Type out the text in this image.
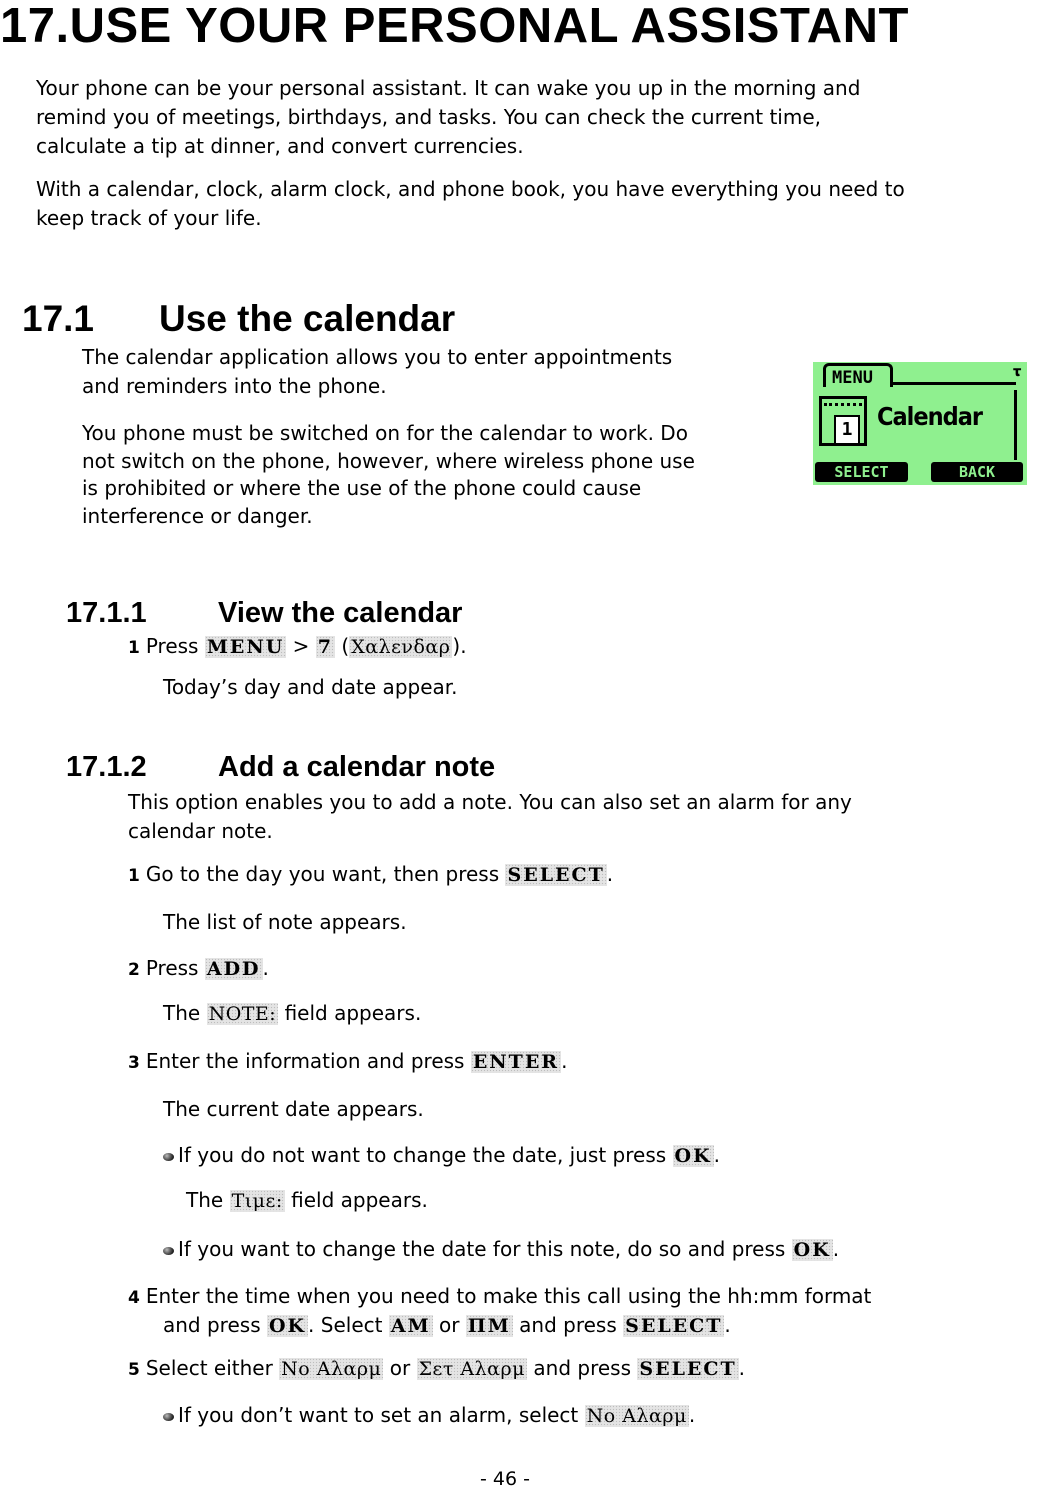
17.USE YOUR PERSONAL ASSISTANT
Your phone can be your personal assistant. It can wake you up in the morning and
remind you of meetings, birthdays, and tasks. You can check the current time,
calculate a tip at dinner, and convert currencies.
With a calendar, clock, alarm clock, and phone book, you have everything you need to
keep track of your life.
17.1 Use the calendar
The calendar application allows you to enter appointments
and reminders into the phone.
You phone must be switched on for the calendar to work. Do
not switch on the phone, however, where wireless phone use
is prohibited or where the use of the phone could cause
interference or danger.
MENU	𝛕
1 Calendar
SELECT	BACK
17.1.1 View the calendar
1 Press MENU > 7 ( Χαλενδαρ ).
Today’s day and date appear.
17.1.2 Add a calendar note
This option enables you to add a note. You can also set an alarm for any
calendar note.
1 Go to the day you want, then press SELECT .
The list of note appears.
2 Press ADD .
The NOTE: field appears.
3 Enter the information and press ENTER .
The current date appears.
If you do not want to change the date, just press OK .
The Τιμε: field appears.
If you want to change the date for this note, do so and press OK .
4 Enter the time when you need to make this call using the hh:mm format
and press OK . Select AM or ΠΜ and press SELECT .
5 Select either Νο Αλαρμ or Σετ Αλαρμ and press SELECT .
If you don’t want to set an alarm, select Νο Αλαρμ .
- 46 -
